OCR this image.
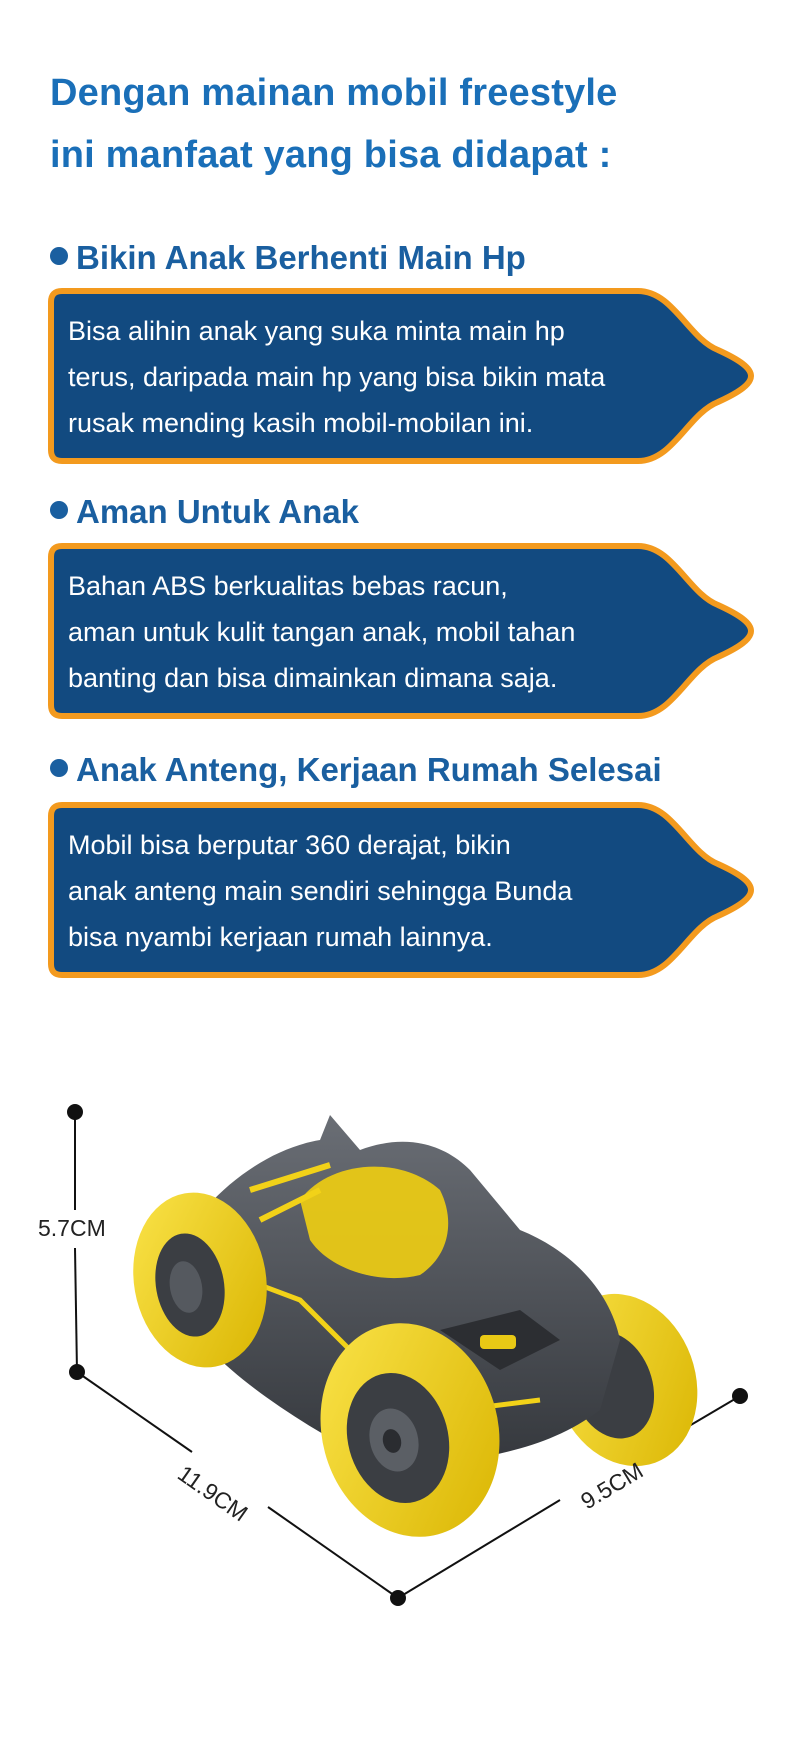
Dengan mainan mobil freestyle
ini manfaat yang bisa didapat :
Bikin Anak Berhenti Main Hp
Bisa alihin anak yang suka minta main hp
terus, daripada main hp yang bisa bikin mata
rusak mending kasih mobil-mobilan ini.
Aman Untuk Anak
Bahan ABS berkualitas bebas racun,
aman untuk kulit tangan anak, mobil tahan
banting dan bisa dimainkan dimana saja.
Anak Anteng, Kerjaan Rumah Selesai
Mobil bisa berputar 360 derajat, bikin
anak anteng main sendiri sehingga Bunda
bisa nyambi kerjaan rumah lainnya.
5.7CM
11.9CM	9.5CM
